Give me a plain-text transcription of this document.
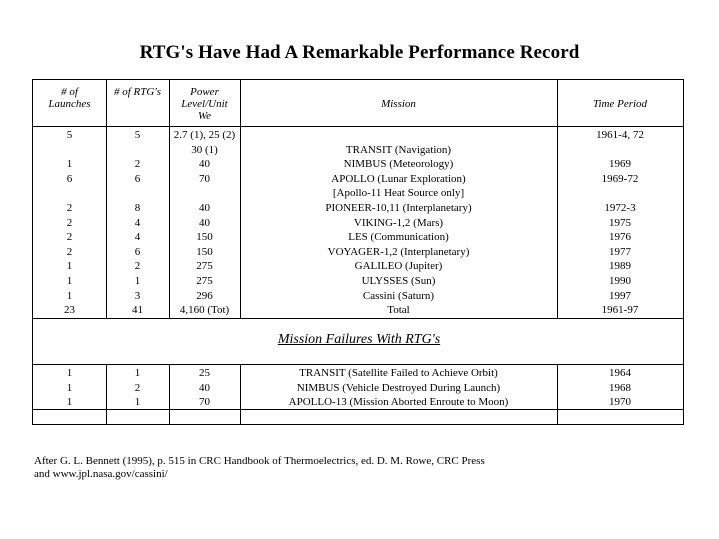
RTG's Have Had A Remarkable Performance Record
# of
Launches
# of RTG's	Power
Level/Unit
We
Mission	Time Period
5
1
6
2
2
2
2
1
1
1
23
5
2
6
8
4
4
6
2
1
3
41
2.7 (1), 25 (2)
30 (1)
40
70
40
40
150
150
275
275
296
4,160 (Tot)
TRANSIT (Navigation)
NIMBUS (Meteorology)
APOLLO (Lunar Exploration)
[Apollo-11 Heat Source only]
PIONEER-10,11 (Interplanetary)
VIKING-1,2 (Mars)
LES (Communication)
VOYAGER-1,2 (Interplanetary)
GALILEO (Jupiter)
ULYSSES (Sun)
Cassini (Saturn)
Total
1961-4, 72
1969
1969-72
1972-3
1975
1976
1977
1989
1990
1997
1961-97
Mission Failures With RTG's
1
1
1
1
2
1
25
40
70
TRANSIT (Satellite Failed to Achieve Orbit)
NIMBUS (Vehicle Destroyed During Launch)
APOLLO-13 (Mission Aborted Enroute to Moon)
1964
1968
1970
After G. L. Bennett (1995), p. 515 in CRC Handbook of Thermoelectrics, ed. D. M. Rowe, CRC Press
and www.jpl.nasa.gov/cassini/
